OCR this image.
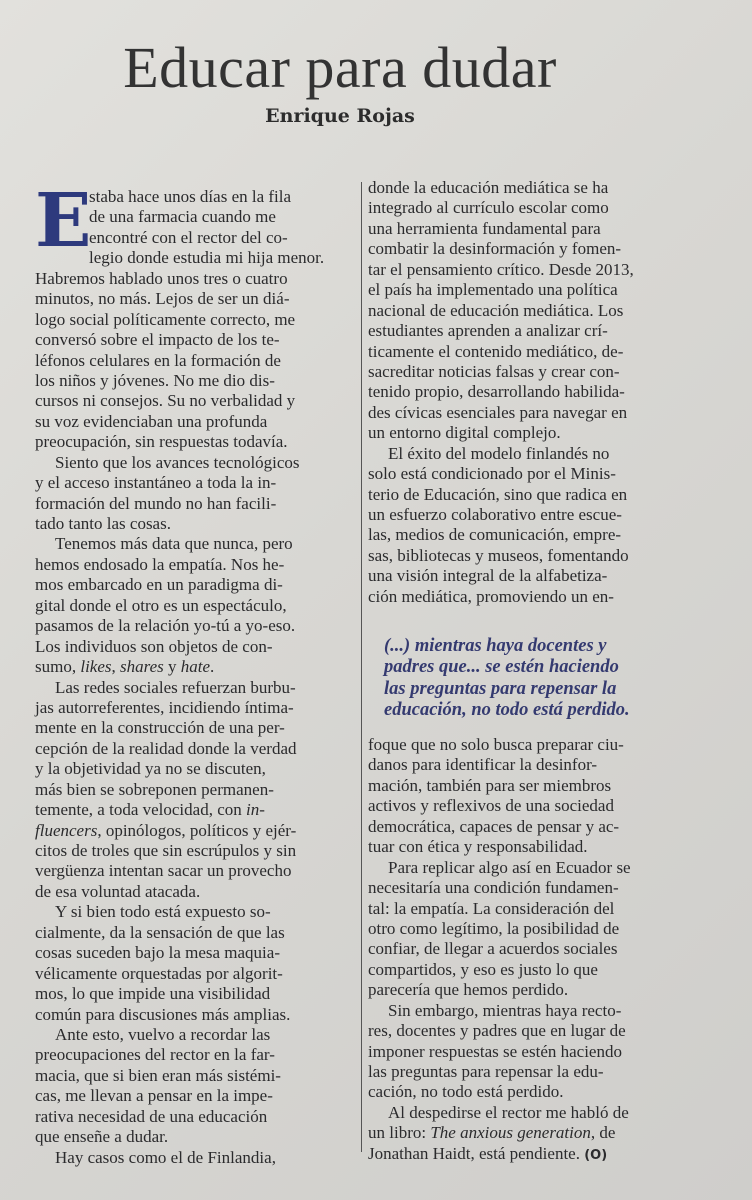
Educar para dudar
Enrique Rojas
E
staba hace unos días en la fila
de una farmacia cuando me
encontré con el rector del co-
legio donde estudia mi hija menor.
Habremos hablado unos tres o cuatro
minutos, no más. Lejos de ser un diá-
logo social políticamente correcto, me
conversó sobre el impacto de los te-
léfonos celulares en la formación de
los niños y jóvenes. No me dio dis-
cursos ni consejos. Su no verbalidad y
su voz evidenciaban una profunda
preocupación, sin respuestas todavía.
Siento que los avances tecnológicos
y el acceso instantáneo a toda la in-
formación del mundo no han facili-
tado tanto las cosas.
Tenemos más data que nunca, pero
hemos endosado la empatía. Nos he-
mos embarcado en un paradigma di-
gital donde el otro es un espectáculo,
pasamos de la relación yo-tú a yo-eso.
Los individuos son objetos de con-
sumo, likes, shares y hate.
Las redes sociales refuerzan burbu-
jas autorreferentes, incidiendo íntima-
mente en la construcción de una per-
cepción de la realidad donde la verdad
y la objetividad ya no se discuten,
más bien se sobreponen permanen-
temente, a toda velocidad, con in-
fluencers, opinólogos, políticos y ejér-
citos de troles que sin escrúpulos y sin
vergüenza intentan sacar un provecho
de esa voluntad atacada.
Y si bien todo está expuesto so-
cialmente, da la sensación de que las
cosas suceden bajo la mesa maquia-
vélicamente orquestadas por algorit-
mos, lo que impide una visibilidad
común para discusiones más amplias.
Ante esto, vuelvo a recordar las
preocupaciones del rector en la far-
macia, que si bien eran más sistémi-
cas, me llevan a pensar en la impe-
rativa necesidad de una educación
que enseñe a dudar.
Hay casos como el de Finlandia,
donde la educación mediática se ha
integrado al currículo escolar como
una herramienta fundamental para
combatir la desinformación y fomen-
tar el pensamiento crítico. Desde 2013,
el país ha implementado una política
nacional de educación mediática. Los
estudiantes aprenden a analizar crí-
ticamente el contenido mediático, de-
sacreditar noticias falsas y crear con-
tenido propio, desarrollando habilida-
des cívicas esenciales para navegar en
un entorno digital complejo.
El éxito del modelo finlandés no
solo está condicionado por el Minis-
terio de Educación, sino que radica en
un esfuerzo colaborativo entre escue-
las, medios de comunicación, empre-
sas, bibliotecas y museos, fomentando
una visión integral de la alfabetiza-
ción mediática, promoviendo un en-
(...) mientras haya docentes y
padres que... se estén haciendo
las preguntas para repensar la
educación, no todo está perdido.
foque que no solo busca preparar ciu-
danos para identificar la desinfor-
mación, también para ser miembros
activos y reflexivos de una sociedad
democrática, capaces de pensar y ac-
tuar con ética y responsabilidad.
Para replicar algo así en Ecuador se
necesitaría una condición fundamen-
tal: la empatía. La consideración del
otro como legítimo, la posibilidad de
confiar, de llegar a acuerdos sociales
compartidos, y eso es justo lo que
parecería que hemos perdido.
Sin embargo, mientras haya recto-
res, docentes y padres que en lugar de
imponer respuestas se estén haciendo
las preguntas para repensar la edu-
cación, no todo está perdido.
Al despedirse el rector me habló de
un libro: The anxious generation, de
Jonathan Haidt, está pendiente. (O)
